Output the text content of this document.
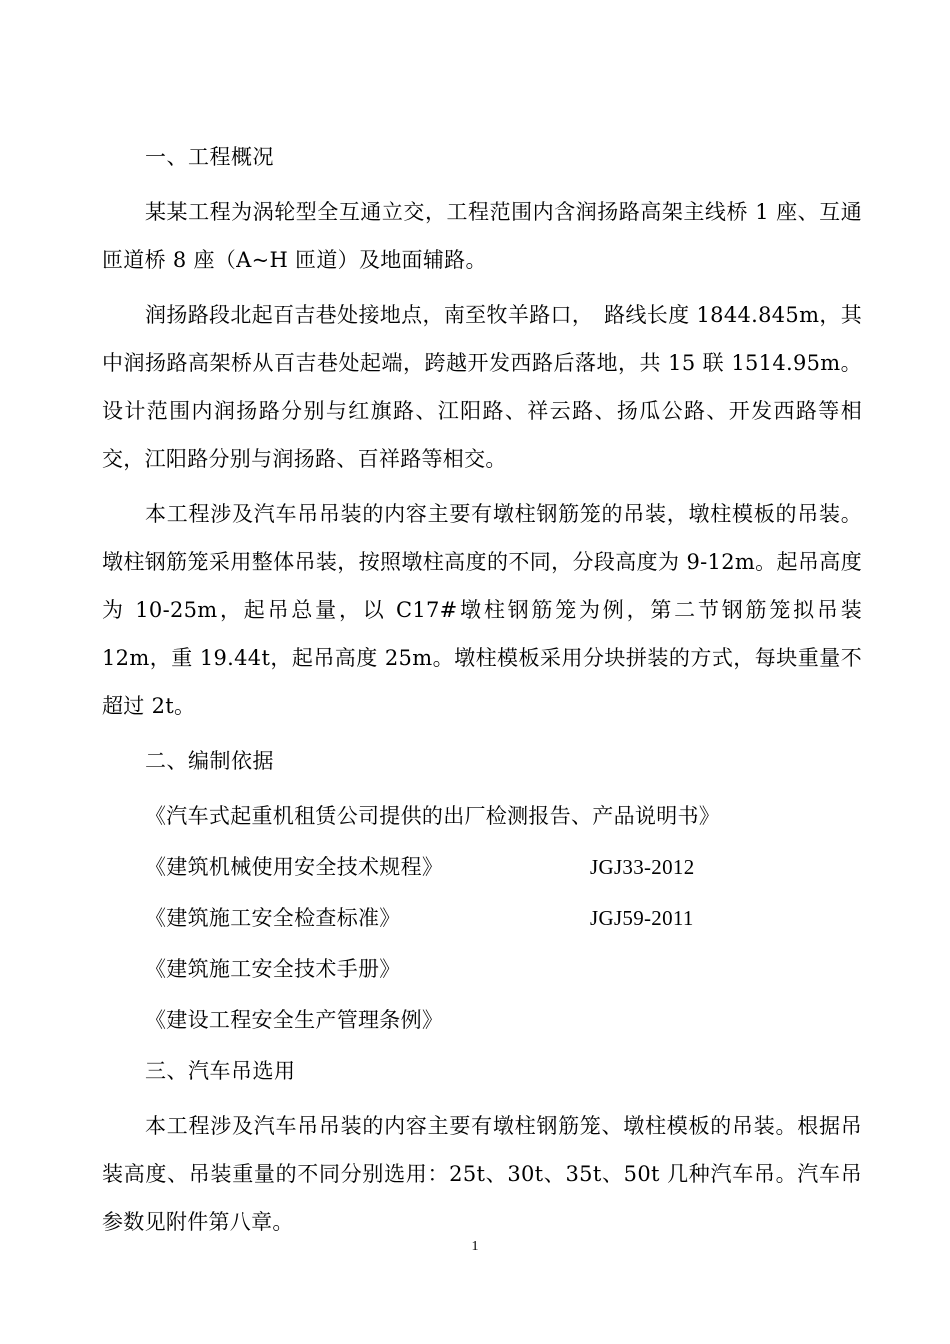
一、工程概况

某某工程为涡轮型全互通立交，工程范围内含润扬路高架主线桥 1 座、互通匝道桥 8 座（A~H 匝道）及地面辅路。

润扬路段北起百吉巷处接地点，南至牧羊路口，　路线长度 1844.845m，其中润扬路高架桥从百吉巷处起端，跨越开发西路后落地，共 15 联 1514.95m。设计范围内润扬路分别与红旗路、江阳路、祥云路、扬瓜公路、开发西路等相交，江阳路分别与润扬路、百祥路等相交。

本工程涉及汽车吊吊装的内容主要有墩柱钢筋笼的吊装，墩柱模板的吊装。墩柱钢筋笼采用整体吊装，按照墩柱高度的不同，分段高度为 9-12m。起吊高度为 10-25m，起吊总量，以 C17#墩柱钢筋笼为例，第二节钢筋笼拟吊装 12m，重 19.44t，起吊高度 25m。墩柱模板采用分块拼装的方式，每块重量不超过 2t。

二、编制依据
《汽车式起重机租赁公司提供的出厂检测报告、产品说明书》
《建筑机械使用安全技术规程》	JGJ33-2012
《建筑施工安全检查标准》	JGJ59-2011
《建筑施工安全技术手册》
《建设工程安全生产管理条例》
三、汽车吊选用

本工程涉及汽车吊吊装的内容主要有墩柱钢筋笼、墩柱模板的吊装。根据吊装高度、吊装重量的不同分别选用：25t、30t、35t、50t 几种汽车吊。汽车吊参数见附件第八章。

1
